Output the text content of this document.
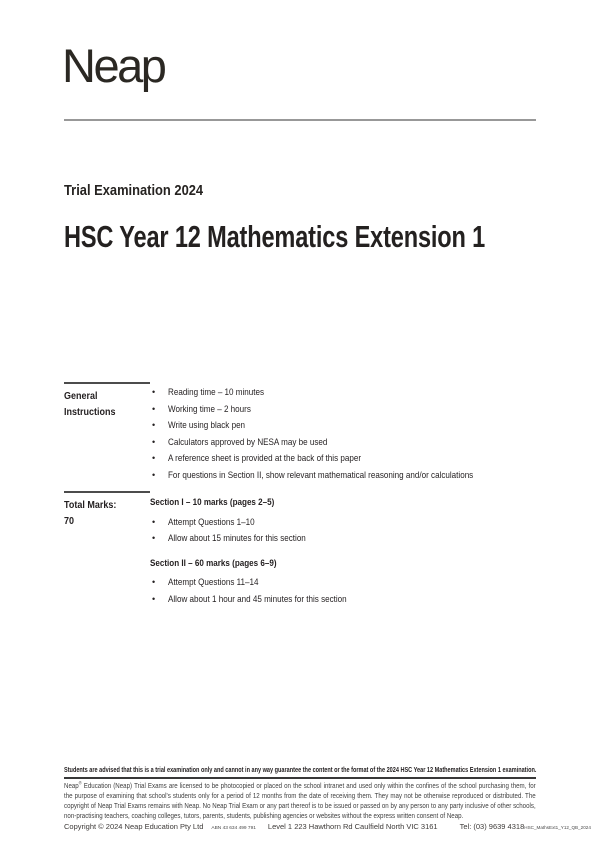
Neap
Trial Examination 2024
HSC Year 12 Mathematics Extension 1
General Instructions
•	Reading time – 10 minutes
•	Working time – 2 hours
•	Write using black pen
•	Calculators approved by NESA may be used
•	A reference sheet is provided at the back of this paper
•	For questions in Section II, show relevant mathematical reasoning and/or calculations
Total Marks:
70
Section I – 10 marks (pages 2–5)
•	Attempt Questions 1–10
•	Allow about 15 minutes for this section
Section II – 60 marks (pages 6–9)
•	Attempt Questions 11–14
•	Allow about 1 hour and 45 minutes for this section
Students are advised that this is a trial examination only and cannot in any way guarantee the content or the format of the 2024 HSC Year 12 Mathematics Extension 1 examination.

Neap® Education (Neap) Trial Exams are licensed to be photocopied or placed on the school intranet and used only within the confines of the school purchasing them, for the purpose of examining that school's students only for a period of 12 months from the date of receiving them. They may not be otherwise reproduced or distributed. The copyright of Neap Trial Exams remains with Neap. No Neap Trial Exam or any part thereof is to be issued or passed on by any person to any party inclusive of other schools, non-practising teachers, coaching colleges, tutors, parents, students, publishing agencies or websites without the express written consent of Neap.

Copyright © 2024 Neap Education Pty Ltd ABN 43 634 499 791 Level 1 223 Hawthorn Rd Caulfield North VIC 3161	Tel: (03) 9639 4318 HSC_MathsExt1_Y12_QB_2024
